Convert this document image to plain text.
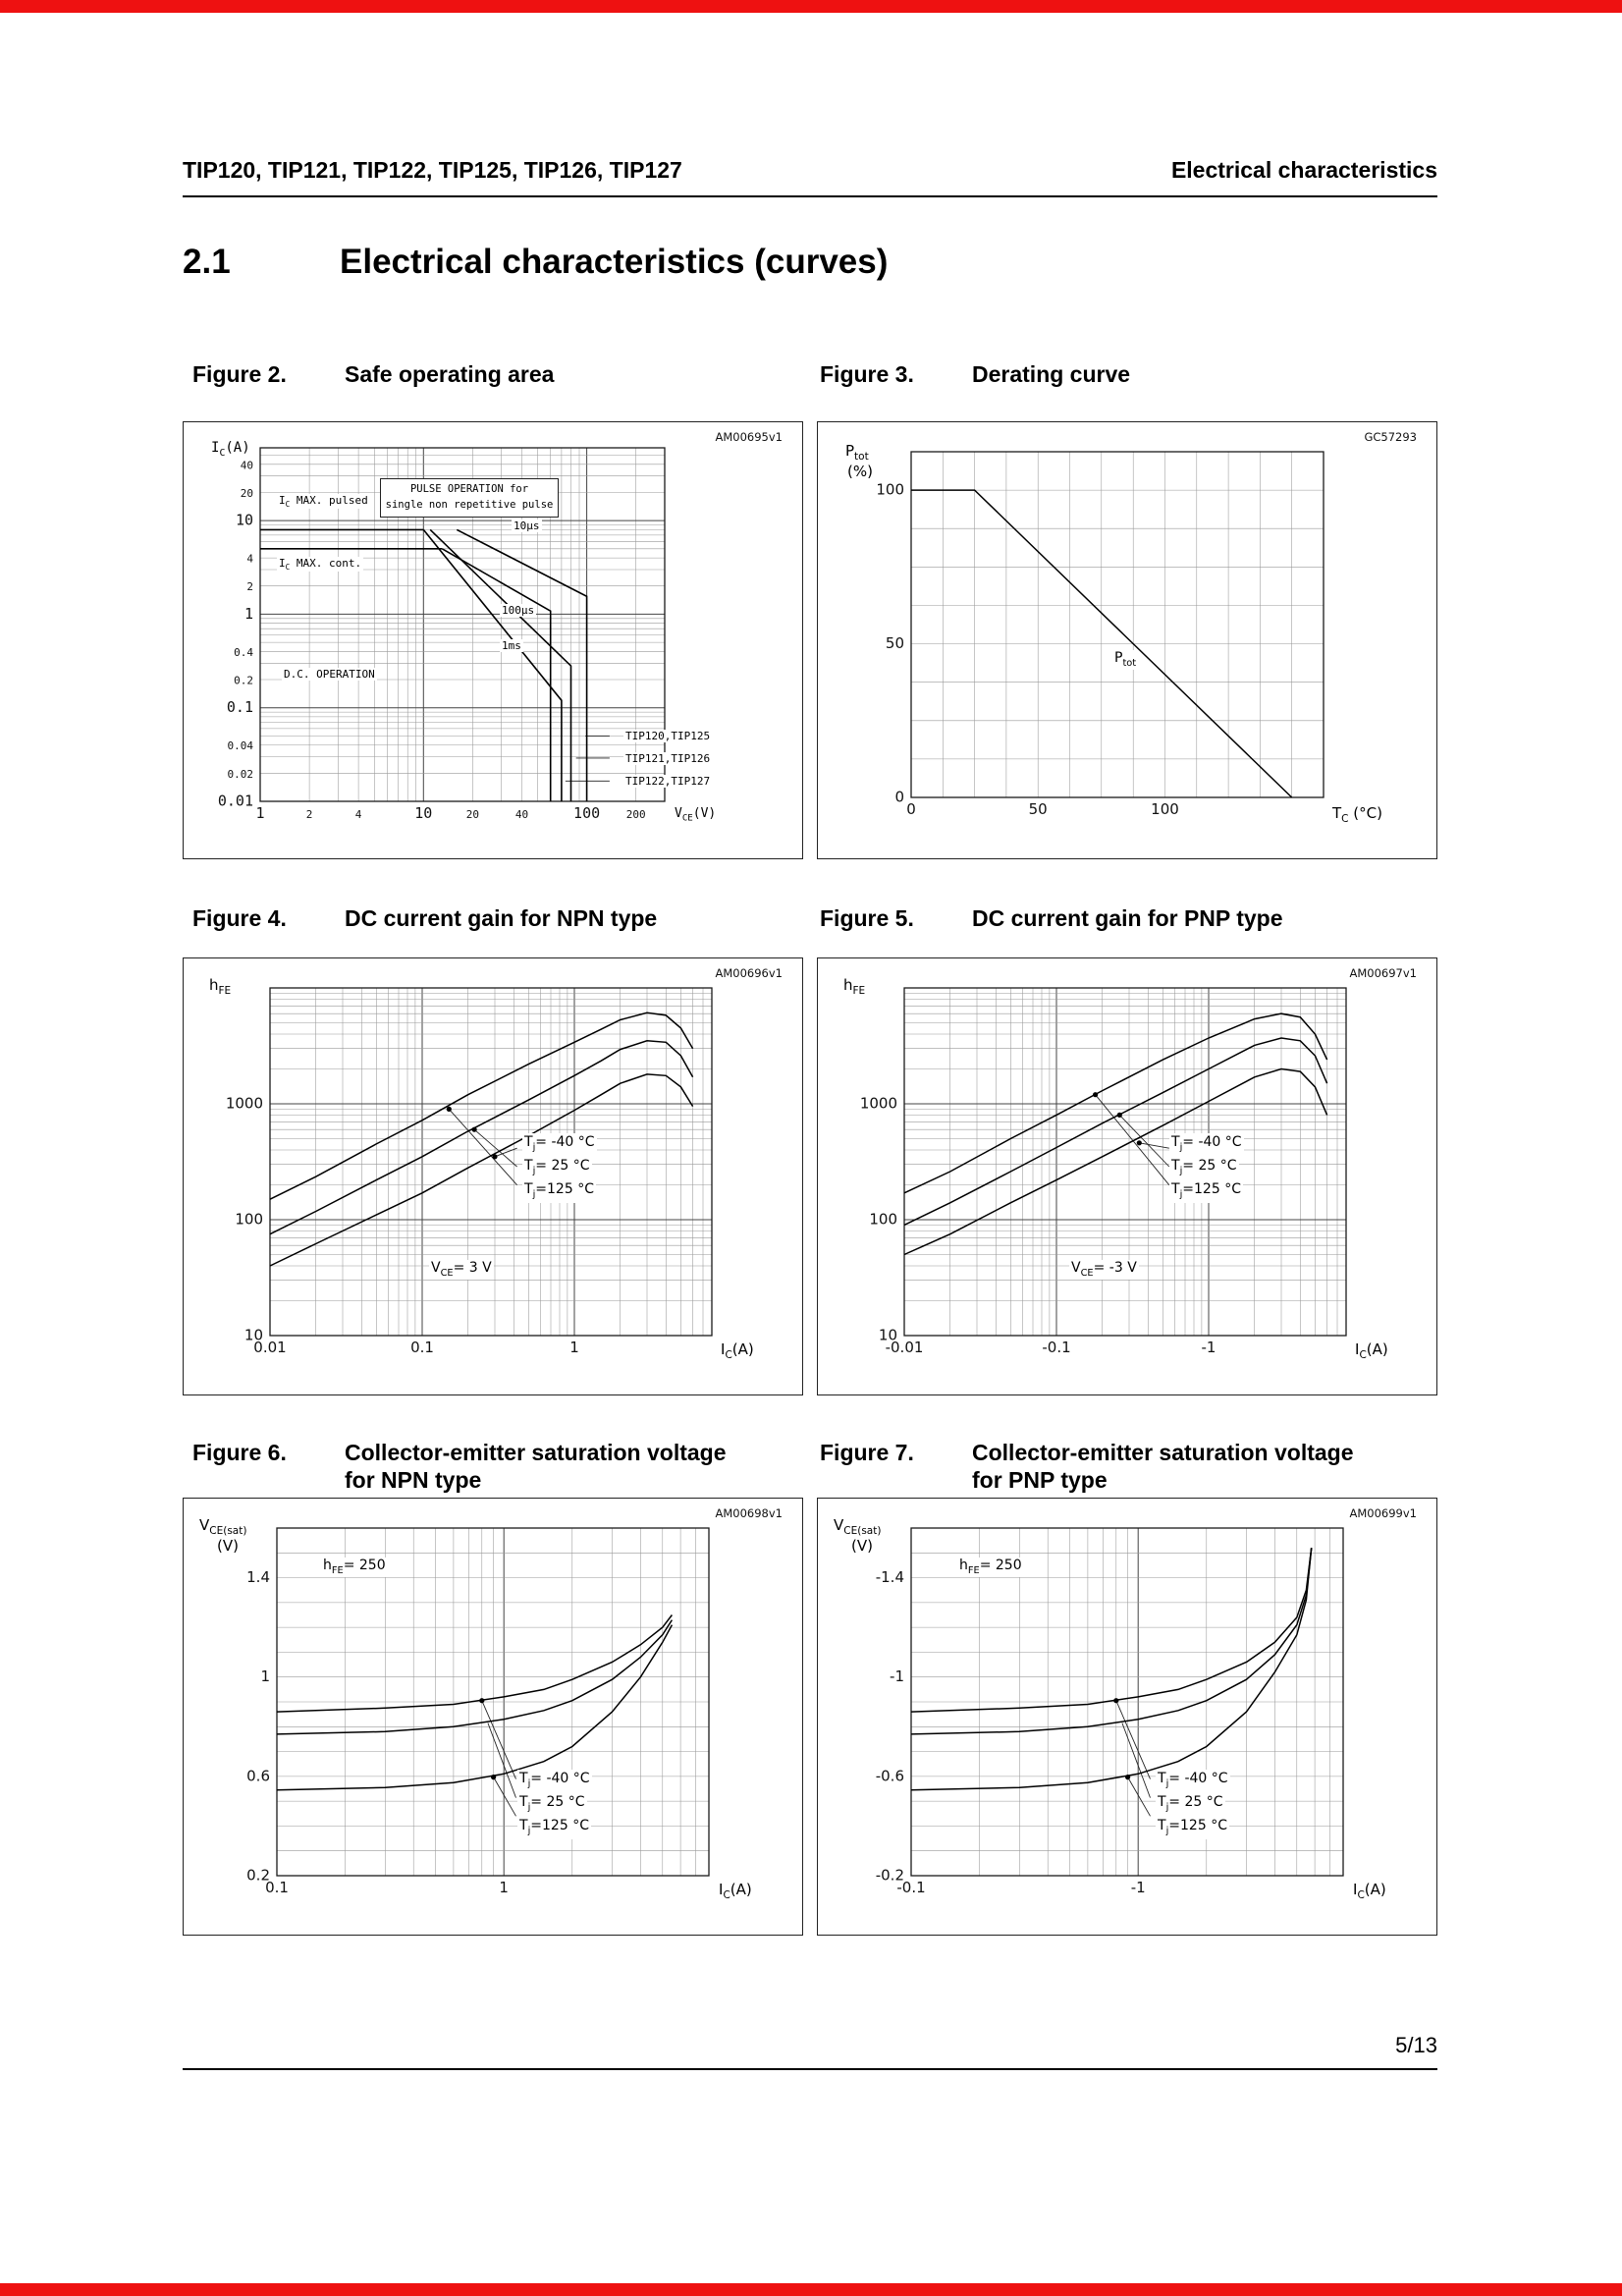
TIP120, TIP121, TIP122, TIP125, TIP126, TIP127	Electrical characteristics
2.1	Electrical characteristics (curves)
Figure 2.	Safe operating area	Figure 3.	Derating curve
1	2	4	10	20	40	100 200
40
20
10
4
2
1
0.4
0.2
0.1
0.04
0.02
0.01
AM00695v1
$I_C(A)$
$I_C$ MAX. pulsed
PULSE OPERATION for
single non repetitive pulse
$I_C$ MAX. cont.
10μs
100μs
1ms
D.C. OPERATION
TIP120,TIP125
TIP121,TIP126
TIP122,TIP127
$V_{CE}(V)$	0	50	100
100
50
0
GC57293
$P_{tot}$
(%)
$P_{tot}$
$T_C$ (°C)
Figure 4.	DC current gain for NPN type	Figure 5.	DC current gain for PNP type
0.01	0.1	1
10
100
1000
AM00696v1
$h_{FE}$
$T_j= -40$ °C
$T_j= 25$ °C
$T_j=125$ °C
$V_{CE}= 3$ V
$I_C(A)$	-0.01	-0.1	-1
10
100
1000
AM00697v1
$h_{FE}$
$T_j= -40$ °C
$T_j= 25$ °C
$T_j=125$ °C
$V_{CE}= -3$ V
$I_C(A)$
Figure 6.	Collector-emitter saturation voltage
for NPN type
Figure 7.	Collector-emitter saturation voltage
for PNP type
0.1	1
1.4
1
0.6
0.2
AM00698v1
$V_{CE(sat)}$
(V)
$h_{FE}= 250$
$T_j= -40$ °C
$T_j= 25$ °C
$T_j=125$ °C
$I_C(A)$	-0.1	-1
-1.4
-1
-0.6
-0.2
AM00699v1
$V_{CE(sat)}$
(V)
$h_{FE}= 250$
$T_j= -40$ °C
$T_j= 25$ °C
$T_j=125$ °C
$I_C(A)$
5/13
